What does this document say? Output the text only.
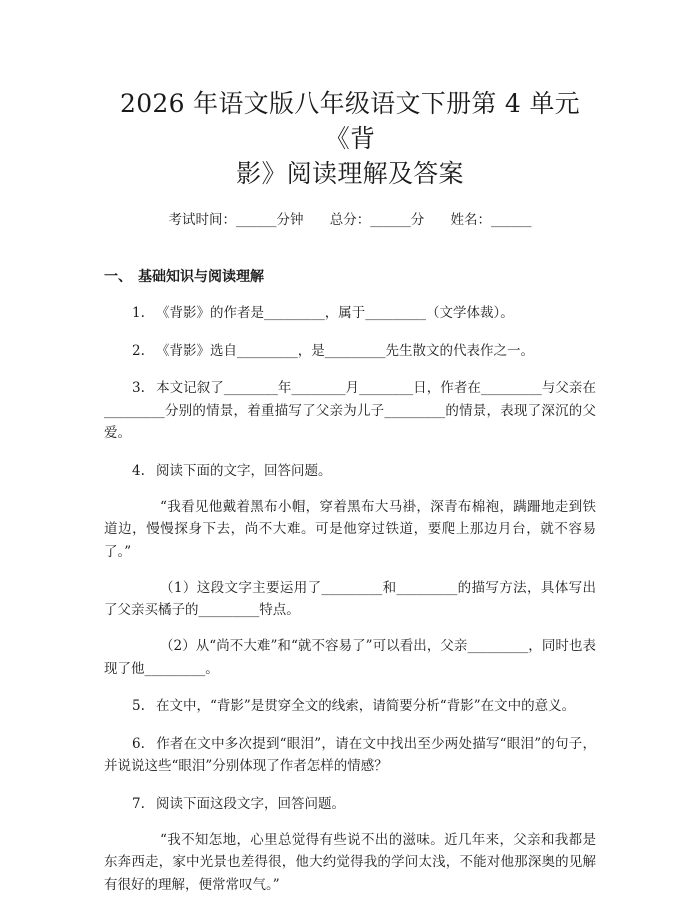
2026 年语文版八年级语文下册第 4 单元《背
影》阅读理解及答案
考试时间：______分钟 总分：______分 姓名：______
一、 基础知识与阅读理解

1. 《背影》的作者是_________，属于_________（文学体裁）。

2. 《背影》选自_________，是_________先生散文的代表作之一。

3. 本文记叙了________年________月________日，作者在_________与父亲在_________分别的情景，着重描写了父亲为儿子_________的情景，表现了深沉的父爱。

4. 阅读下面的文字，回答问题。

“我看见他戴着黑布小帽，穿着黑布大马褂，深青布棉袍，蹒跚地走到铁道边，慢慢探身下去，尚不大难。可是他穿过铁道，要爬上那边月台，就不容易了。”

（1）这段文字主要运用了_________和_________的描写方法，具体写出了父亲买橘子的_________特点。

（2）从“尚不大难”和“就不容易了”可以看出，父亲_________，同时也表现了他_________。

5. 在文中，“背影”是贯穿全文的线索，请简要分析“背影”在文中的意义。

6. 作者在文中多次提到“眼泪”，请在文中找出至少两处描写“眼泪”的句子，并说说这些“眼泪”分别体现了作者怎样的情感？

7. 阅读下面这段文字，回答问题。

“我不知怎地，心里总觉得有些说不出的滋味。近几年来，父亲和我都是东奔西走，家中光景也差得很，他大约觉得我的学问太浅，不能对他那深奥的见解有很好的理解，便常常叹气。”
